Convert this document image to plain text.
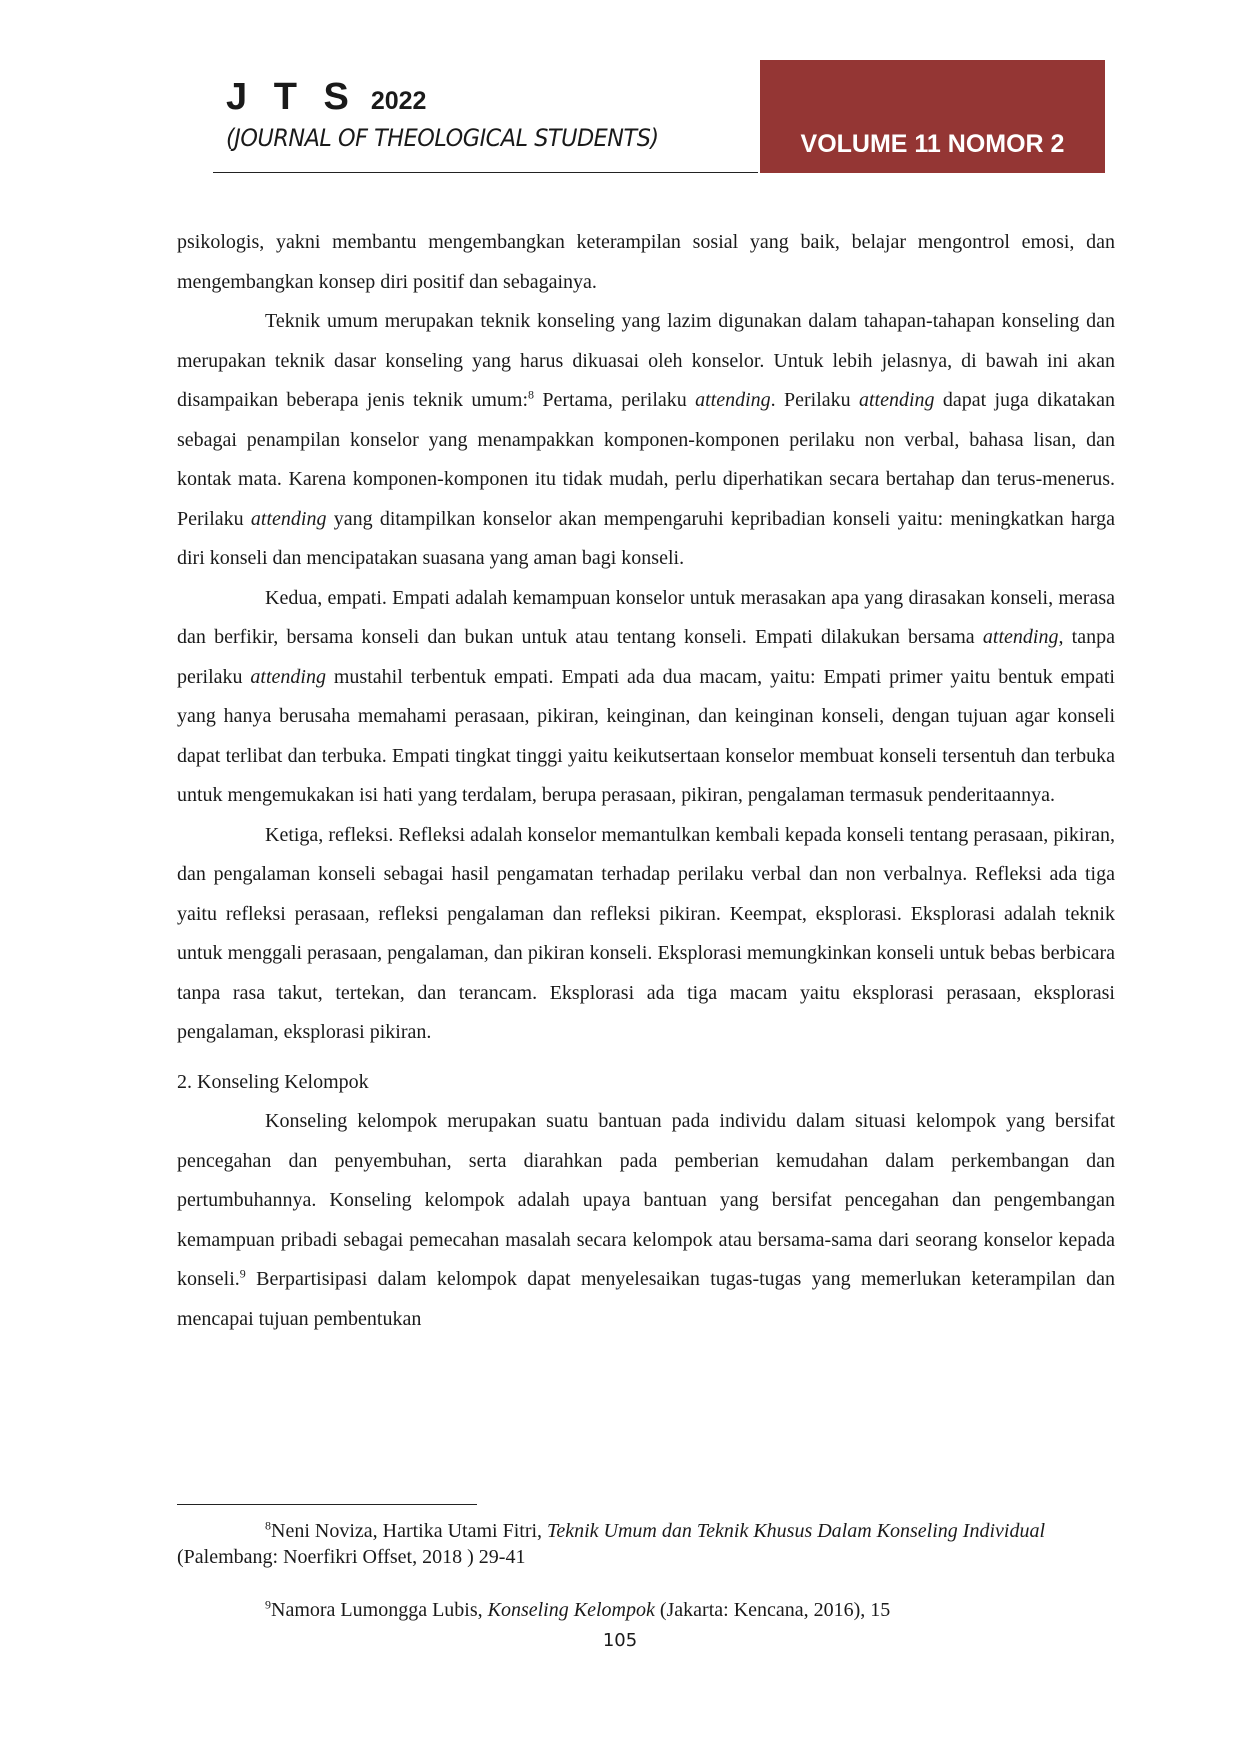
J T S 2022
(JOURNAL OF THEOLOGICAL STUDENTS)	VOLUME 11 NOMOR 2

psikologis, yakni membantu mengembangkan keterampilan sosial yang baik, belajar mengontrol emosi, dan mengembangkan konsep diri positif dan sebagainya.

Teknik umum merupakan teknik konseling yang lazim digunakan dalam tahapan-tahapan konseling dan merupakan teknik dasar konseling yang harus dikuasai oleh konselor. Untuk lebih jelasnya, di bawah ini akan disampaikan beberapa jenis teknik umum:$^8$ Pertama, perilaku attending. Perilaku attending dapat juga dikatakan sebagai penampilan konselor yang menampakkan komponen-komponen perilaku non verbal, bahasa lisan, dan kontak mata. Karena komponen-komponen itu tidak mudah, perlu diperhatikan secara bertahap dan terus-menerus. Perilaku attending yang ditampilkan konselor akan mempengaruhi kepribadian konseli yaitu: meningkatkan harga diri konseli dan mencipatakan suasana yang aman bagi konseli.

Kedua, empati. Empati adalah kemampuan konselor untuk merasakan apa yang dirasakan konseli, merasa dan berfikir, bersama konseli dan bukan untuk atau tentang konseli. Empati dilakukan bersama attending, tanpa perilaku attending mustahil terbentuk empati. Empati ada dua macam, yaitu: Empati primer yaitu bentuk empati yang hanya berusaha memahami perasaan, pikiran, keinginan, dan keinginan konseli, dengan tujuan agar konseli dapat terlibat dan terbuka. Empati tingkat tinggi yaitu keikutsertaan konselor membuat konseli tersentuh dan terbuka untuk mengemukakan isi hati yang terdalam, berupa perasaan, pikiran, pengalaman termasuk penderitaannya.

Ketiga, refleksi. Refleksi adalah konselor memantulkan kembali kepada konseli tentang perasaan, pikiran, dan pengalaman konseli sebagai hasil pengamatan terhadap perilaku verbal dan non verbalnya. Refleksi ada tiga yaitu refleksi perasaan, refleksi pengalaman dan refleksi pikiran. Keempat, eksplorasi. Eksplorasi adalah teknik untuk menggali perasaan, pengalaman, dan pikiran konseli. Eksplorasi memungkinkan konseli untuk bebas berbicara tanpa rasa takut, tertekan, dan terancam. Eksplorasi ada tiga macam yaitu eksplorasi perasaan, eksplorasi pengalaman, eksplorasi pikiran.

2. Konseling Kelompok

Konseling kelompok merupakan suatu bantuan pada individu dalam situasi kelompok yang bersifat pencegahan dan penyembuhan, serta diarahkan pada pemberian kemudahan dalam perkembangan dan pertumbuhannya. Konseling kelompok adalah upaya bantuan yang bersifat pencegahan dan pengembangan kemampuan pribadi sebagai pemecahan masalah secara kelompok atau bersama-sama dari seorang konselor kepada konseli.$^9$ Berpartisipasi dalam kelompok dapat menyelesaikan tugas-tugas yang memerlukan keterampilan dan mencapai tujuan pembentukan

$^8$Neni Noviza, Hartika Utami Fitri, Teknik Umum dan Teknik Khusus Dalam Konseling Individual (Palembang: Noerfikri Offset, 2018 ) 29-41

$^9$Namora Lumongga Lubis, Konseling Kelompok (Jakarta: Kencana, 2016), 15

105
